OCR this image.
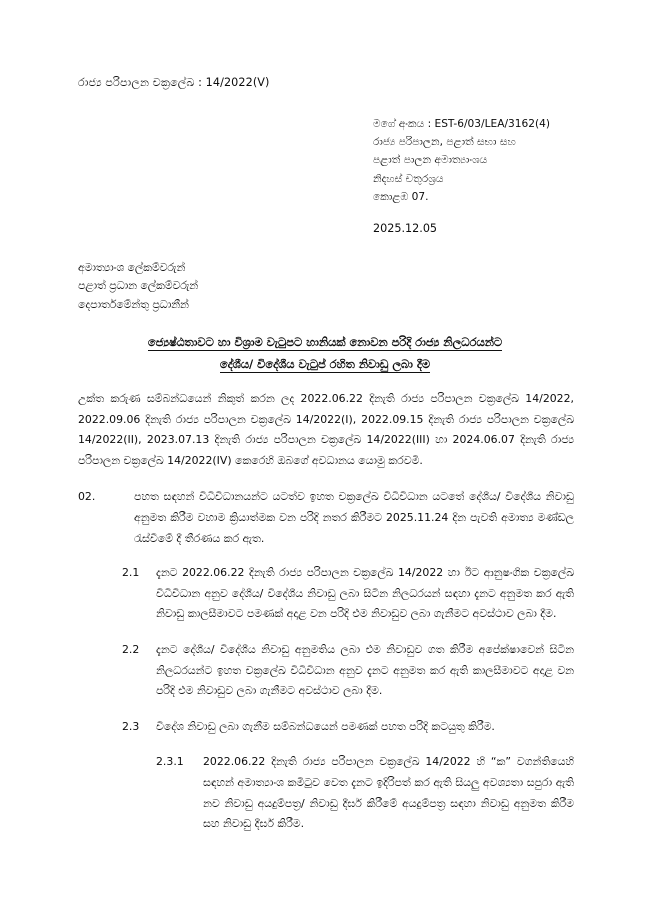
රාජ්‍ය පරිපාලන චක්‍රලේඛ : 14/2022(V)
මගේ අංකය : EST-6/03/LEA/3162(4)
රාජ්‍ය පරිපාලන, පළාත් සභා සහ
පළාත් පාලන අමාත්‍යාංශය
නිදහස් චතුරශ්‍රය
කොළඹ 07.
2025.12.05
අමාත්‍යාංශ ලේකම්වරුන්
පළාත් ප්‍රධාන ලේකම්වරුන්
දෙපාර්තමේන්තු ප්‍රධානීන්
ජ්‍යෙෂ්ඨතාවට හා විශ්‍රාම වැටුපට හානියක් නොවන පරිදි රාජ්‍ය නිලධරයන්ට
දේශීය/ විදේශීය වැටුප් රහිත නිවාඩු ලබා දීම

උක්ත කරුණ සම්බන්ධයෙන් නිකුත් කරන ලද 2022.06.22 දිනැති රාජ්‍ය පරිපාලන චක්‍රලේඛ 14/2022, 2022.09.06 දිනැති රාජ්‍ය පරිපාලන චක්‍රලේඛ 14/2022(I), 2022.09.15 දිනැති රාජ්‍ය පරිපාලන චක්‍රලේඛ 14/2022(II), 2023.07.13 දිනැති රාජ්‍ය පරිපාලන චක්‍රලේඛ 14/2022(III) හා 2024.06.07 දිනැති රාජ්‍ය පරිපාලන චක්‍රලේඛ 14/2022(IV) කෙරෙහි ඔබගේ අවධානය යොමු කරවමි.

02.	පහත සඳහන් විධිවිධානයන්ට යටත්ව ඉහත චක්‍රලේඛ විධිවිධාන යටතේ දේශීය/ විදේශීය නිවාඩු අනුමත කිරීම වහාම ක්‍රියාත්මක වන පරිදි නතර කිරීමට 2025.11.24 දින පැවති අමාත්‍ය මණ්ඩල රැස්වීමේ දී තීරණය කර ඇත.
2.1	දැනට 2022.06.22 දිනැති රාජ්‍ය පරිපාලන චක්‍රලේඛ 14/2022 හා ඊට ආනුෂංගික චක්‍රලේඛ විධිවිධාන අනුව දේශීය/ විදේශීය නිවාඩු ලබා සිටින නිලධරයන් සඳහා දැනට අනුමත කර ඇති නිවාඩු කාලසීමාවට පමණක් අදාළ වන පරිදි එම නිවාඩුව ලබා ගැනීමට අවස්ථාව ලබා දීම.
2.2	දැනට දේශීය/ විදේශීය නිවාඩු අනුමතිය ලබා එම නිවාඩුව ගත කිරීම අපේක්ෂාවෙන් සිටින නිලධරයන්ට ඉහත චක්‍රලේඛ විධිවිධාන අනුව දැනට අනුමත කර ඇති කාලසීමාවට අදාළ වන පරිදි එම නිවාඩුව ලබා ගැනීමට අවස්ථාව ලබා දීම.
2.3	විදේශ නිවාඩු ලබා ගැනීම සම්බන්ධයෙන් පමණක් පහත පරිදි කටයුතු කිරීම.
2.3.1	2022.06.22 දිනැති රාජ්‍ය පරිපාලන චක්‍රලේඛ 14/2022 හි “ක” වගන්තියෙහි සඳහන් අමාත්‍යාංශ කමිටුව වෙත දැනට ඉදිරිපත් කර ඇති සියලු අවශ්‍යතා සපුරා ඇති නව නිවාඩු අයදුම්පත්‍ර/ නිවාඩු දීර්ඝ කිරීමේ අයදුම්පත්‍ර සඳහා නිවාඩු අනුමත කිරීම සහ නිවාඩු දීර්ඝ කිරීම.
